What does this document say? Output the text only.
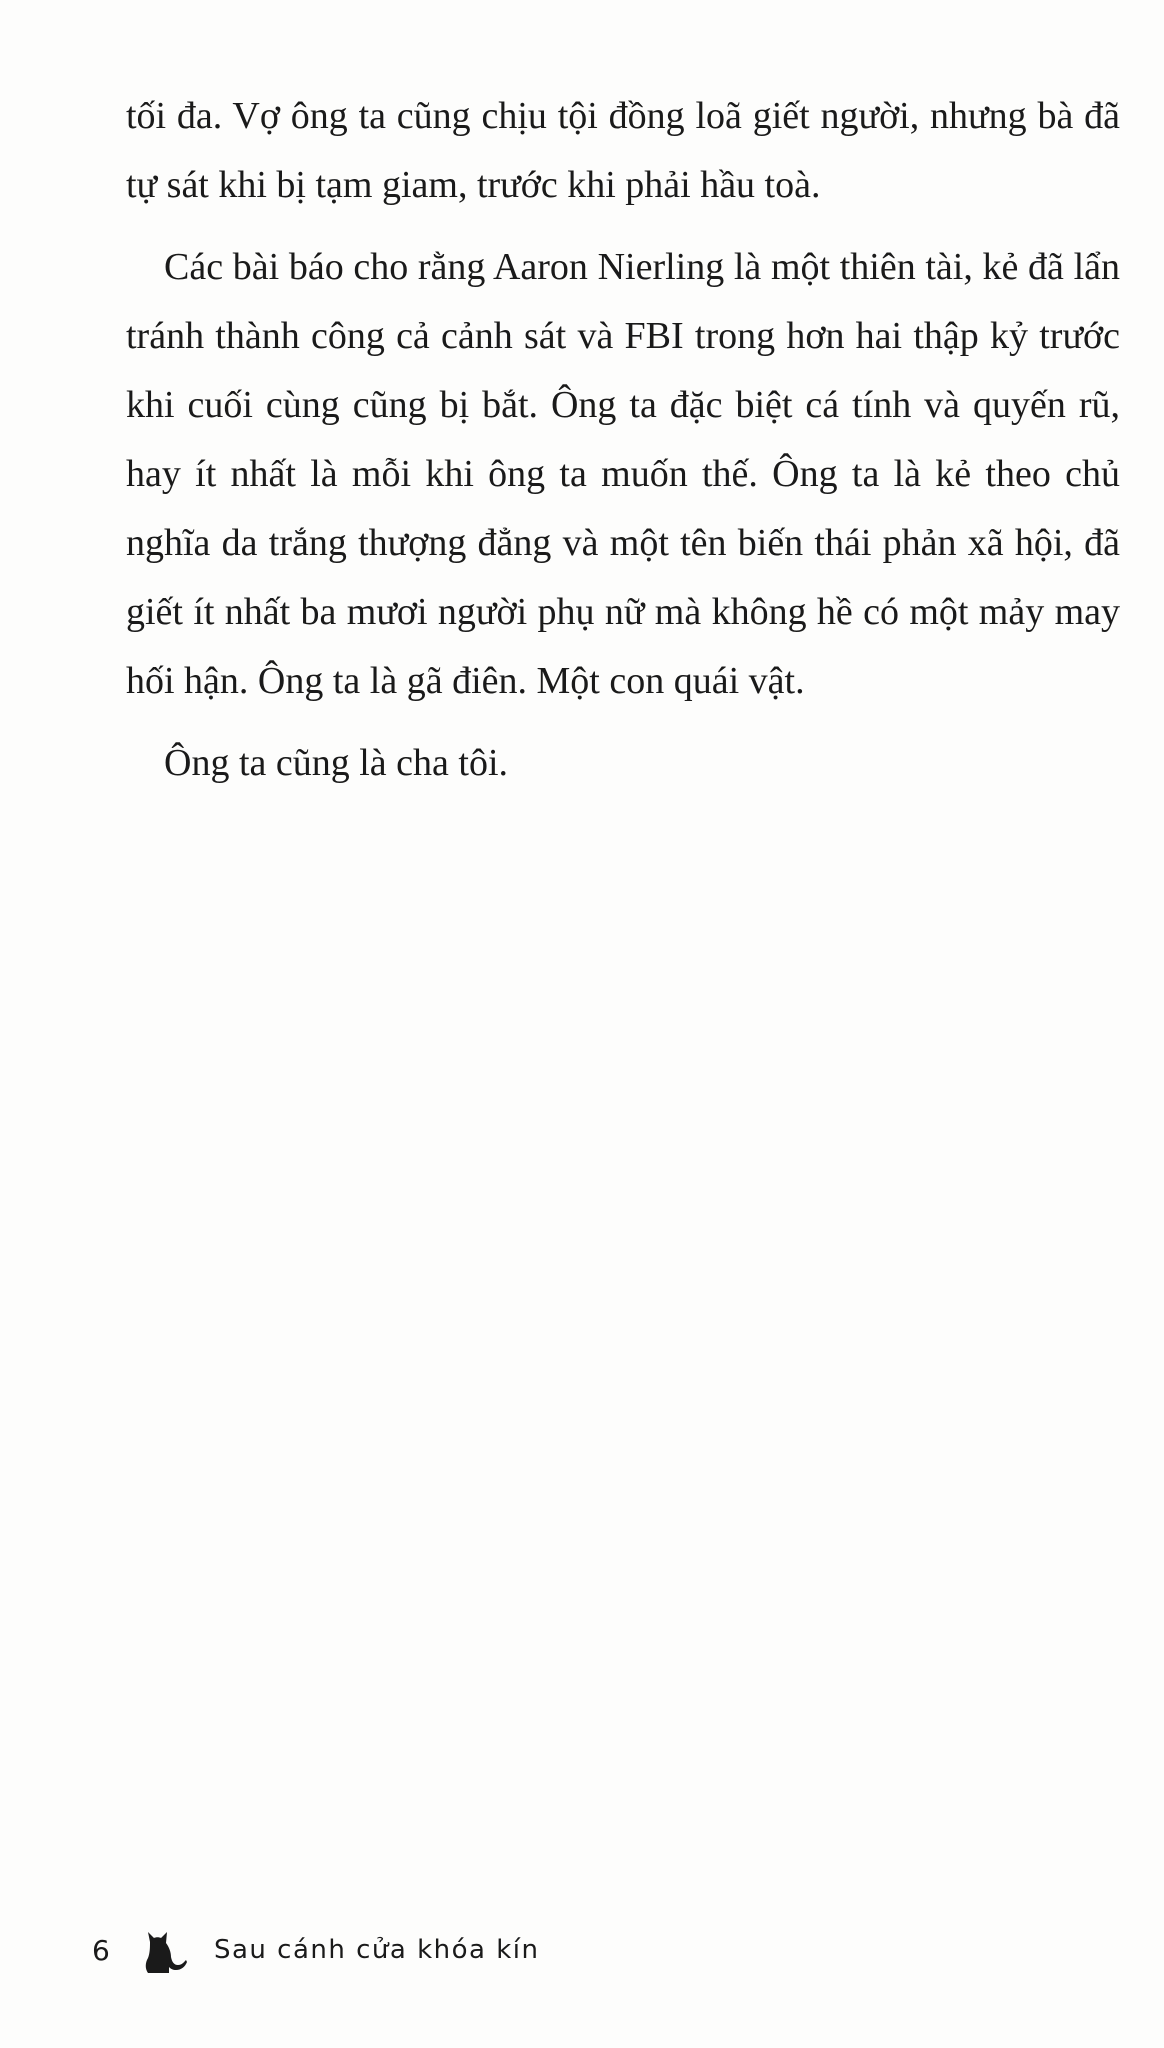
tối đa. Vợ ông ta cũng chịu tội đồng loã giết người, nhưng bà đã tự sát khi bị tạm giam, trước khi phải hầu toà.

Các bài báo cho rằng Aaron Nierling là một thiên tài, kẻ đã lẩn tránh thành công cả cảnh sát và FBI trong hơn hai thập kỷ trước khi cuối cùng cũng bị bắt. Ông ta đặc biệt cá tính và quyến rũ, hay ít nhất là mỗi khi ông ta muốn thế. Ông ta là kẻ theo chủ nghĩa da trắng thượng đẳng và một tên biến thái phản xã hội, đã giết ít nhất ba mươi người phụ nữ mà không hề có một mảy may hối hận. Ông ta là gã điên. Một con quái vật.

Ông ta cũng là cha tôi.

6	Sau cánh cửa khóa kín
